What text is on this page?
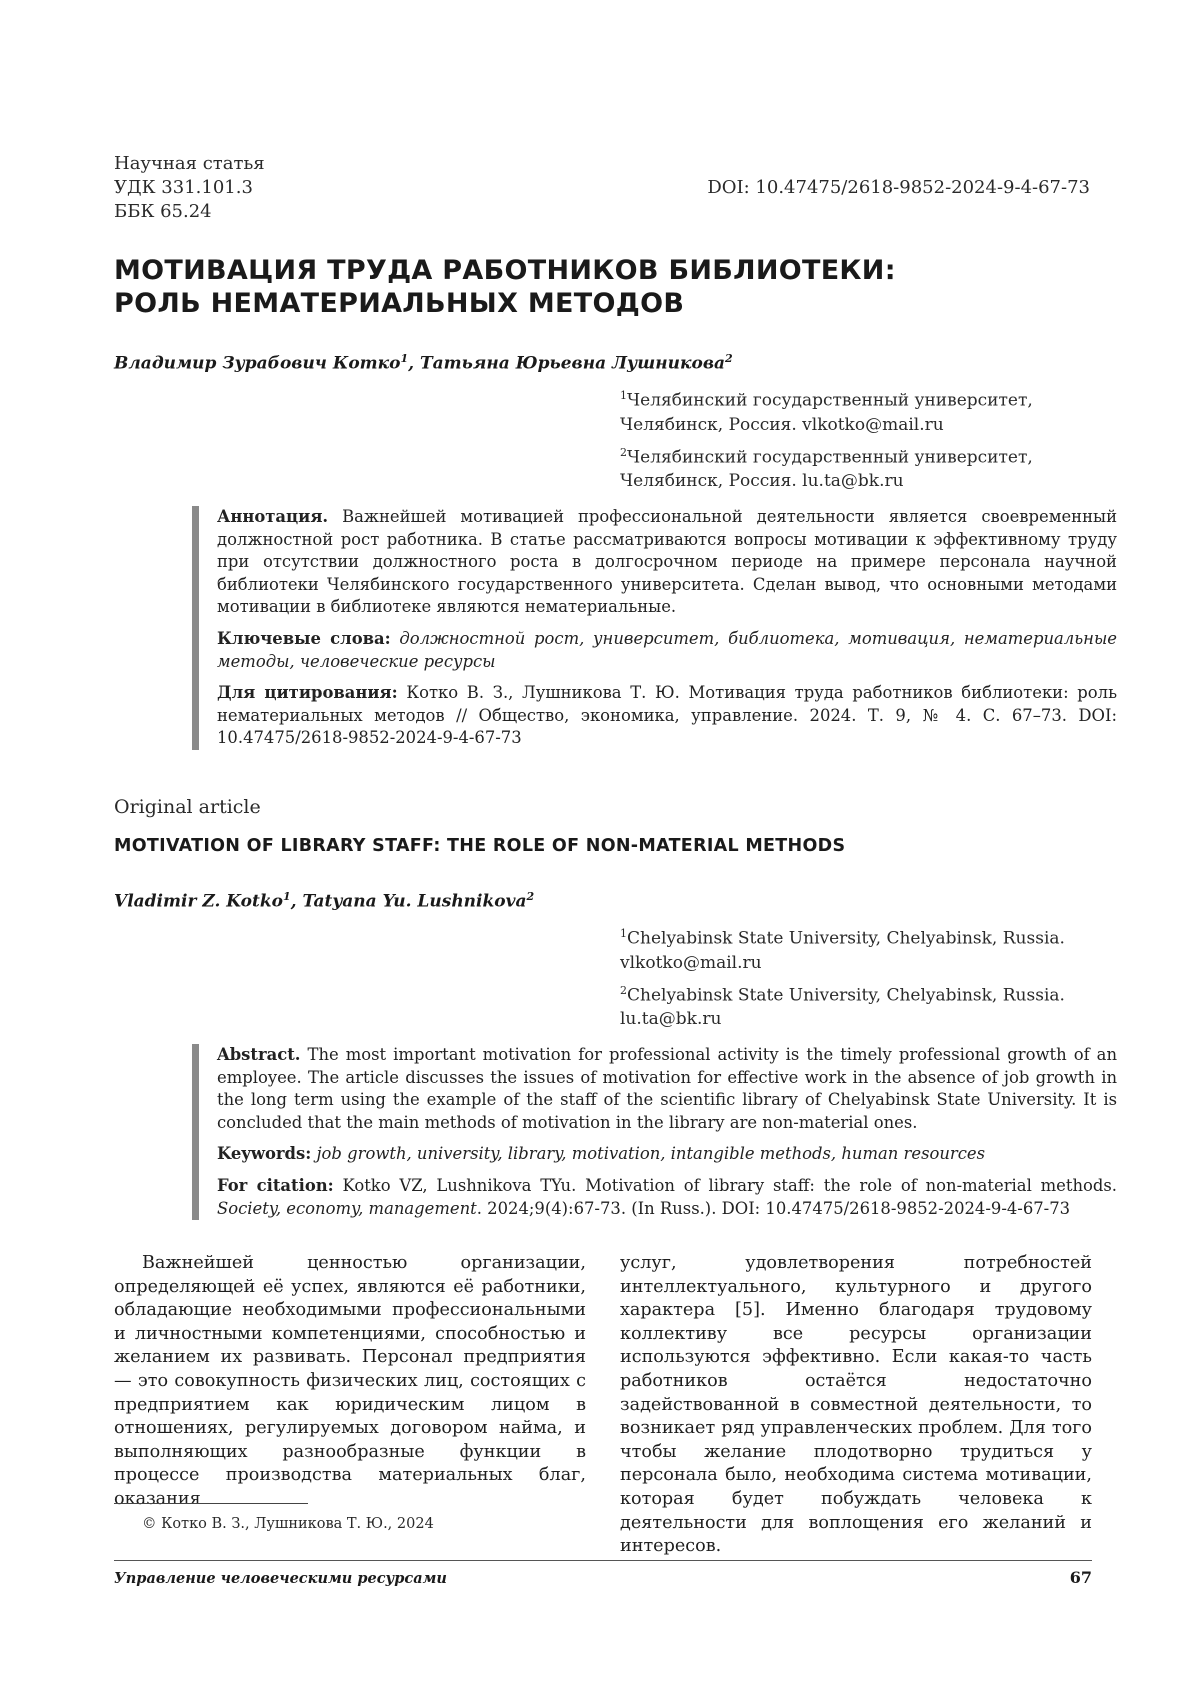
Научная статья
УДК 331.101.3
ББК 65.24
DOI: 10.47475/2618-9852-2024-9-4-67-73
МОТИВАЦИЯ ТРУДА РАБОТНИКОВ БИБЛИОТЕКИ:
РОЛЬ НЕМАТЕРИАЛЬНЫХ МЕТОДОВ
Владимир Зурабович Котко$^1$, Татьяна Юрьевна Лушникова$^2$
$^1$Челябинский государственный университет,
Челябинск, Россия. vlkotko@mail.ru
$^2$Челябинский государственный университет,
Челябинск, Россия. lu.ta@bk.ru

Аннотация. Важнейшей мотивацией профессиональной деятельности является своевременный должностной рост работника. В статье рассматриваются вопросы мотивации к эффективному труду при отсутствии должностного роста в долгосрочном периоде на примере персонала научной библиотеки Челябинского государственного университета. Сделан вывод, что основными методами мотивации в библиотеке являются нематериальные.

Ключевые слова: должностной рост, университет, библиотека, мотивация, нематериальные методы, человеческие ресурсы

Для цитирования: Котко В. З., Лушникова Т. Ю. Мотивация труда работников библиотеки: роль нематериальных методов // Общество, экономика, управление. 2024. Т. 9, № 4. С. 67–73. DOI: 10.47475/2618-9852-2024-9-4-67-73

Original article
MOTIVATION OF LIBRARY STAFF: THE ROLE OF NON-MATERIAL METHODS
Vladimir Z. Kotko$^1$, Tatyana Yu. Lushnikova$^2$
$^1$Chelyabinsk State University, Chelyabinsk, Russia.
vlkotko@mail.ru
$^2$Chelyabinsk State University, Chelyabinsk, Russia.
lu.ta@bk.ru

Abstract. The most important motivation for professional activity is the timely professional growth of an employee. The article discusses the issues of motivation for effective work in the absence of job growth in the long term using the example of the staff of the scientific library of Chelyabinsk State University. It is concluded that the main methods of motivation in the library are non-material ones.

Keywords: job growth, university, library, motivation, intangible methods, human resources

For citation: Kotko VZ, Lushnikova TYu. Motivation of library staff: the role of non-material methods. Society, economy, management. 2024;9(4):67-73. (In Russ.). DOI: 10.47475/2618-9852-2024-9-4-67-73

Важнейшей ценностью организации, определяющей её успех, являются её работники, обладающие необходимыми профессиональными и личностными компетенциями, способностью и желанием их развивать. Персонал предприятия — это совокупность физических лиц, состоящих с предприятием как юридическим лицом в отношениях, регулируемых договором найма, и выполняющих разнообразные функции в процессе производства материальных благ, оказания
услуг, удовлетворения потребностей интеллектуального, культурного и другого характера [5]. Именно благодаря трудовому коллективу все ресурсы организации используются эффективно. Если какая-то часть работников остаётся недостаточно задействованной в совместной деятельности, то возникает ряд управленческих проблем. Для того чтобы желание плодотворно трудиться у персонала было, необходима система мотивации, которая будет побуждать человека к деятельности для воплощения его желаний и интересов.
© Котко В. З., Лушникова Т. Ю., 2024
Управление человеческими ресурсами	67
